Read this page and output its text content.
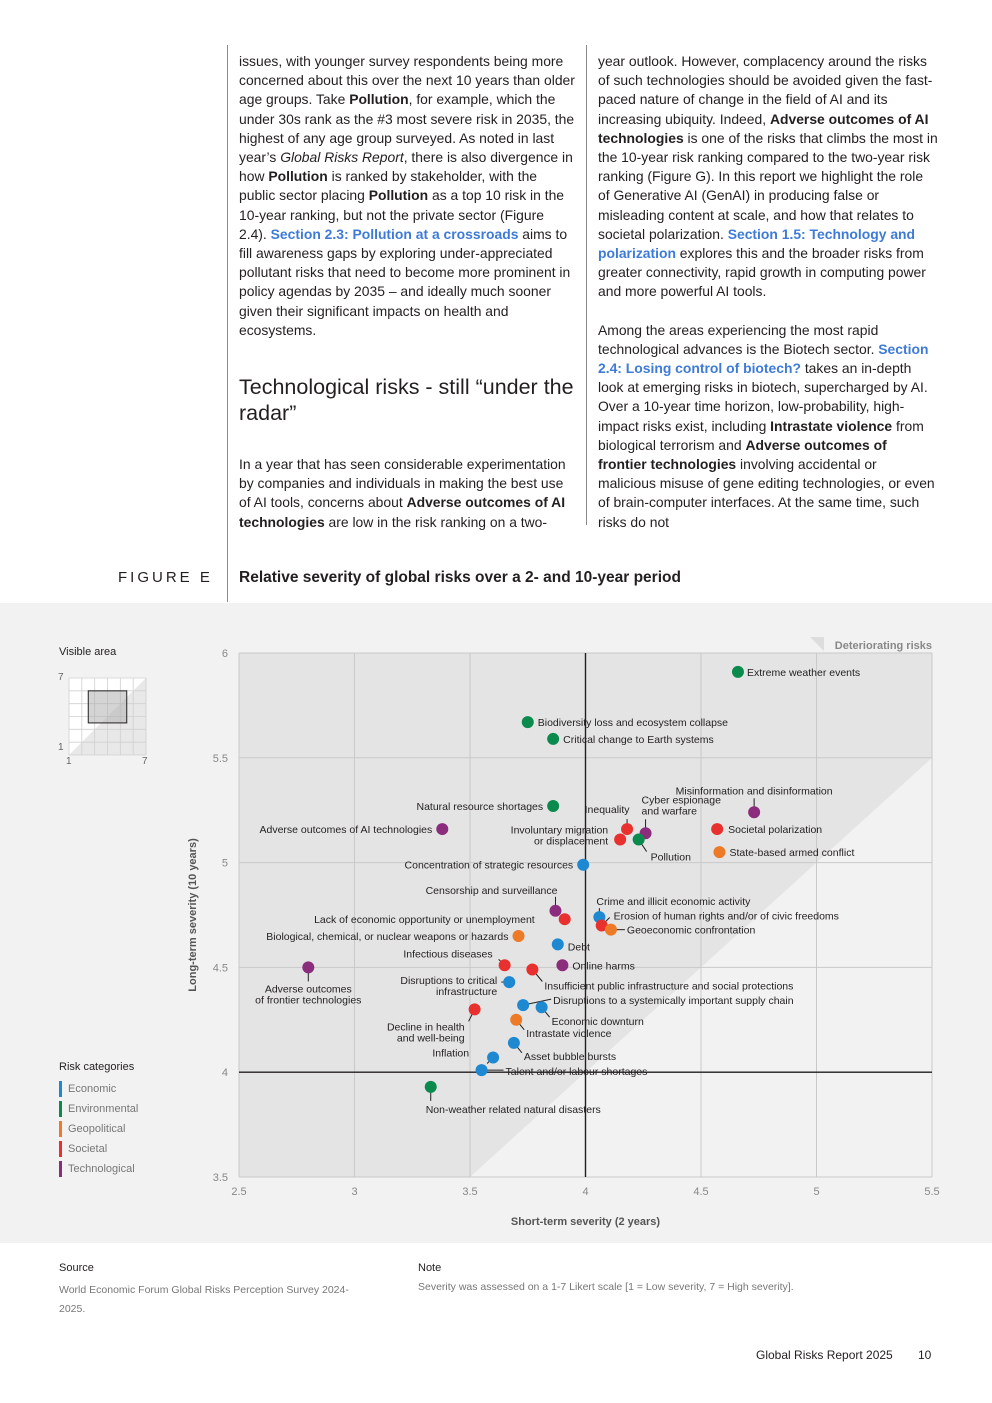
issues, with younger survey respondents being more concerned about this over the next 10 years than older age groups. Take Pollution, for example, which the under 30s rank as the #3 most severe risk in 2035, the highest of any age group surveyed. As noted in last year’s Global Risks Report, there is also divergence in how Pollution is ranked by stakeholder, with the public sector placing Pollution as a top 10 risk in the 10-year ranking, but not the private sector (Figure 2.4). Section 2.3: Pollution at a crossroads aims to fill awareness gaps by exploring under-appreciated pollutant risks that need to become more prominent in policy agendas by 2035 – and ideally much sooner given their significant impacts on health and ecosystems.

Technological risks - still “under the radar”

In a year that has seen considerable experimentation by companies and individuals in making the best use of AI tools, concerns about Adverse outcomes of AI technologies are low in the risk ranking on a two-

year outlook. However, complacency around the risks of such technologies should be avoided given the fast-paced nature of change in the field of AI and its increasing ubiquity. Indeed, Adverse outcomes of AI technologies is one of the risks that climbs the most in the 10-year risk ranking compared to the two-year risk ranking (Figure G). In this report we highlight the role of Generative AI (GenAI) in producing false or misleading content at scale, and how that relates to societal polarization. Section 1.5: Technology and polarization explores this and the broader risks from greater connectivity, rapid growth in computing power and more powerful AI tools.

Among the areas experiencing the most rapid technological advances is the Biotech sector. Section 2.4: Losing control of biotech? takes an in-depth look at emerging risks in biotech, supercharged by AI. Over a 10-year time horizon, low-probability, high-impact risks exist, including Intrastate violence from biological terrorism and Adverse outcomes of frontier technologies involving accidental or malicious misuse of gene editing technologies, or even of brain-computer interfaces. At the same time, such risks do not

FIGURE E Relative severity of global risks over a 2- and 10-year period
Visible area
7
1
1	7
2.5	3	3.5	4	4.5	5	5.5
3.5
4
4.5
5
5.5
6
Short-term severity (2 years)
Long-term severity (10 years)
Deteriorating risks
Extreme weather events
Biodiversity loss and ecosystem collapse
Critical change to Earth systems
Misinformation and disinformation
Natural resource shortages	Inequality
Cyber espionage and warfare
Adverse outcomes of AI technologies	Societal polarization
Involuntary migration or displacement
Pollution	State-based armed conflict
Concentration of strategic resources
Censorship and surveillance
Crime and illicit economic activity
Lack of economic opportunity or unemployment	Erosion of human rights and/or of civic freedoms
Geoeconomic confrontation
Biological, chemical, or nuclear weapons or hazards
Debt
Infectious diseases
Online harms
Adverse outcomes of frontier technologies
Insufficient public infrastructure and social protections
Disruptions to critical infrastructure
Disruptions to a systemically important supply chain
Economic downturn
Decline in health and well-being	Intrastate violence
Asset bubble bursts
Inflation
Talent and/or labour shortages
Non-weather related natural disasters
Risk categories
Economic
Environmental
Geopolitical
Societal
Technological
Source
World Economic Forum Global Risks Perception Survey 2024-2025.
Note
Severity was assessed on a 1-7 Likert scale [1 = Low severity, 7 = High severity].
Global Risks Report 2025 10
